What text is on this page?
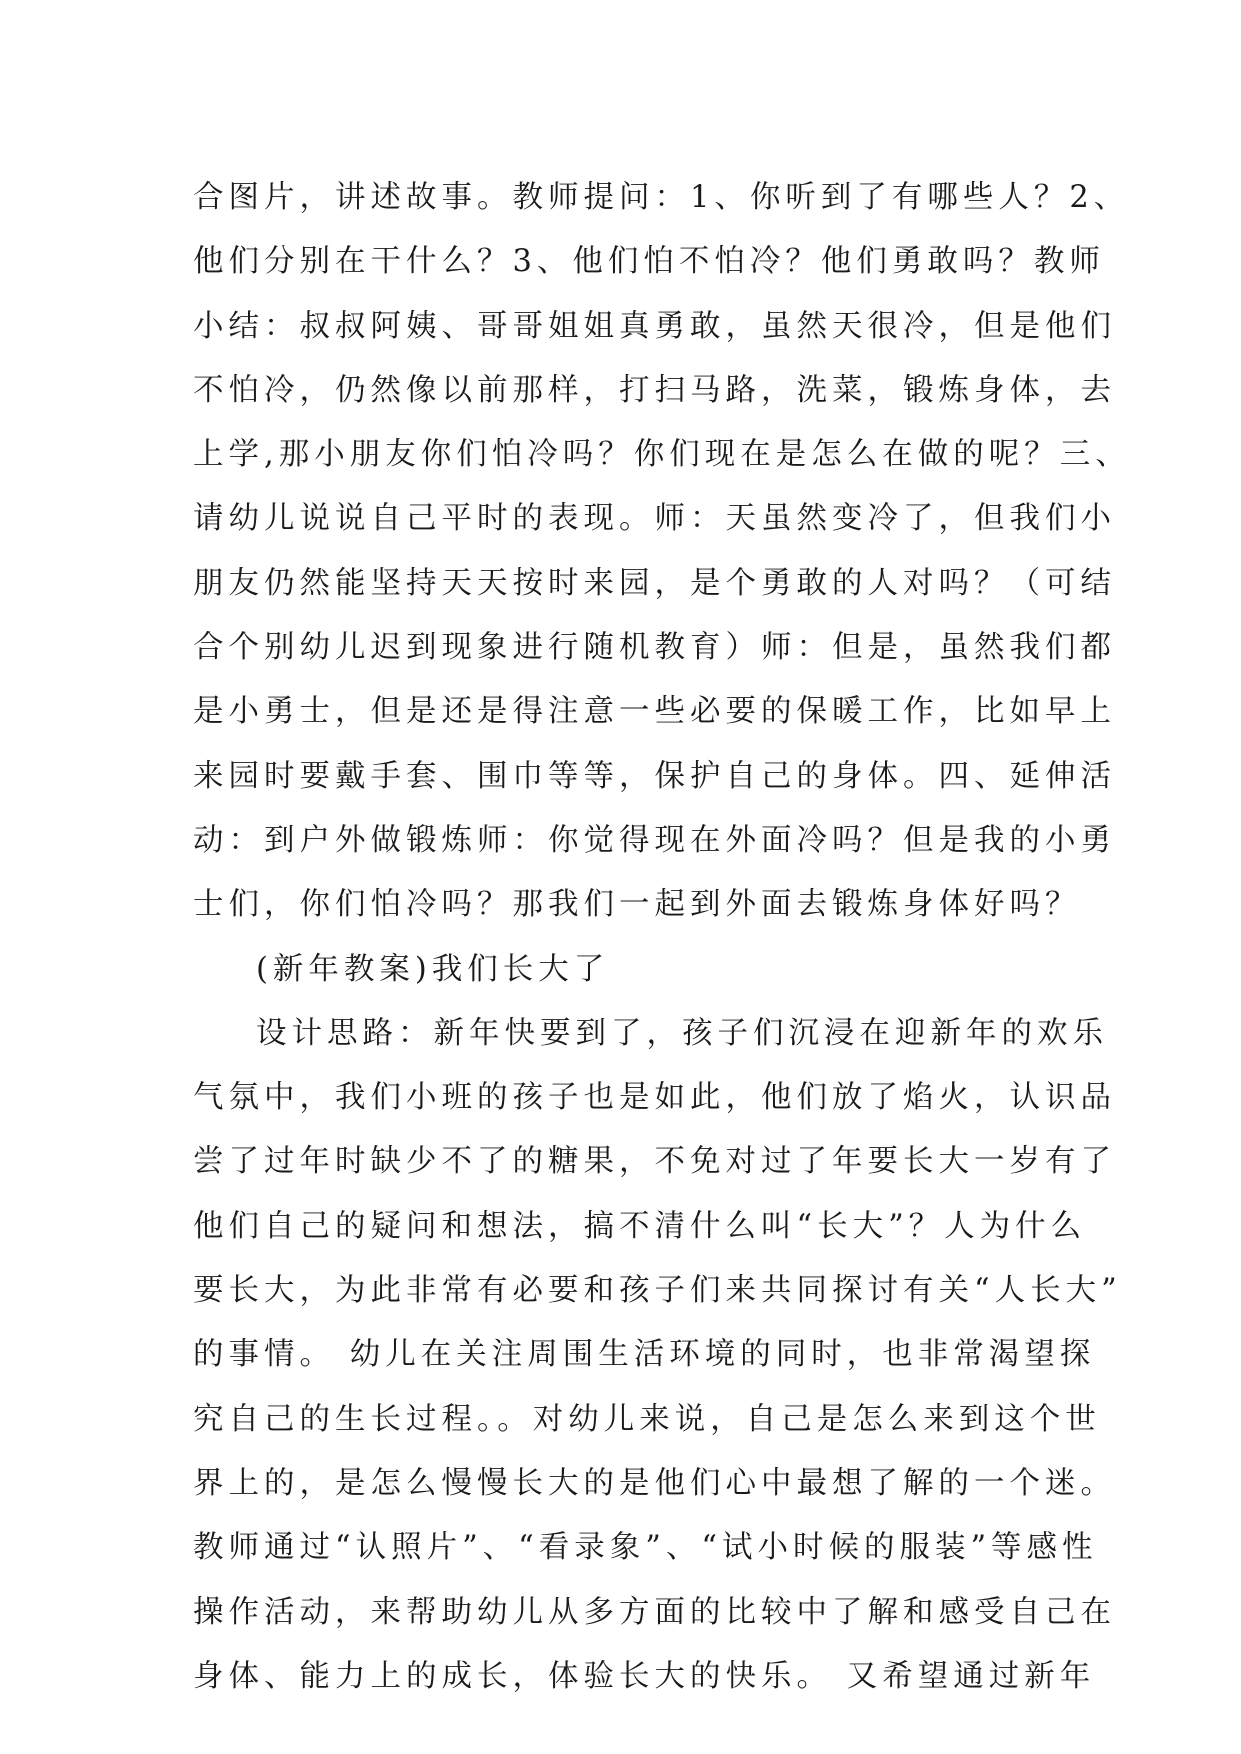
合图片，讲述故事。教师提问：1、你听到了有哪些人？2、
他们分别在干什么？3、他们怕不怕冷？他们勇敢吗？教师
小结：叔叔阿姨、哥哥姐姐真勇敢，虽然天很冷，但是他们
不怕冷，仍然像以前那样，打扫马路，洗菜，锻炼身体，去
上学,那小朋友你们怕冷吗？你们现在是怎么在做的呢？三、
请幼儿说说自己平时的表现。师：天虽然变冷了，但我们小
朋友仍然能坚持天天按时来园，是个勇敢的人对吗？（可结
合个别幼儿迟到现象进行随机教育）师：但是，虽然我们都
是小勇士，但是还是得注意一些必要的保暖工作，比如早上
来园时要戴手套、围巾等等，保护自己的身体。四、延伸活
动：到户外做锻炼师：你觉得现在外面冷吗？但是我的小勇
士们，你们怕冷吗？那我们一起到外面去锻炼身体好吗？
(新年教案)我们长大了
设计思路：新年快要到了，孩子们沉浸在迎新年的欢乐
气氛中，我们小班的孩子也是如此，他们放了焰火，认识品
尝了过年时缺少不了的糖果，不免对过了年要长大一岁有了
他们自己的疑问和想法，搞不清什么叫“长大”？人为什么
要长大，为此非常有必要和孩子们来共同探讨有关“人长大”
的事情。 幼儿在关注周围生活环境的同时，也非常渴望探
究自己的生长过程。。对幼儿来说，自己是怎么来到这个世
界上的，是怎么慢慢长大的是他们心中最想了解的一个迷。
教师通过“认照片”、“看录象”、“试小时候的服装”等感性
操作活动，来帮助幼儿从多方面的比较中了解和感受自己在
身体、能力上的成长，体验长大的快乐。 又希望通过新年
